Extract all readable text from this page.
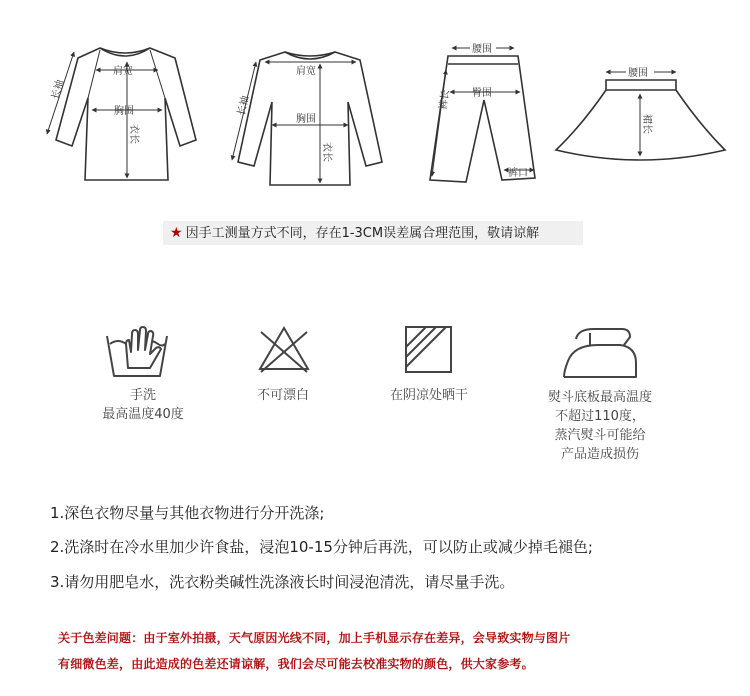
肩宽
胸围
长袖
衣长
肩宽
胸围
长袖
衣长
腰围
臀围
裤长
裤口
腰围
裙长
★ 因手工测量方式不同，存在1-3CM误差属合理范围，敬请谅解
手洗
最高温度40度
不可漂白	在阴凉处晒干	熨斗底板最高温度
不超过110度，
蒸汽熨斗可能给
产品造成损伤
1.深色衣物尽量与其他衣物进行分开洗涤;
2.洗涤时在冷水里加少许食盐，浸泡10-15分钟后再洗，可以防止或减少掉毛褪色;
3.请勿用肥皂水，洗衣粉类碱性洗涤液长时间浸泡清洗，请尽量手洗。
关于色差问题：由于室外拍摄，天气原因光线不同，加上手机显示存在差异，会导致实物与图片
有细微色差，由此造成的色差还请谅解，我们会尽可能去校准实物的颜色，供大家参考。
